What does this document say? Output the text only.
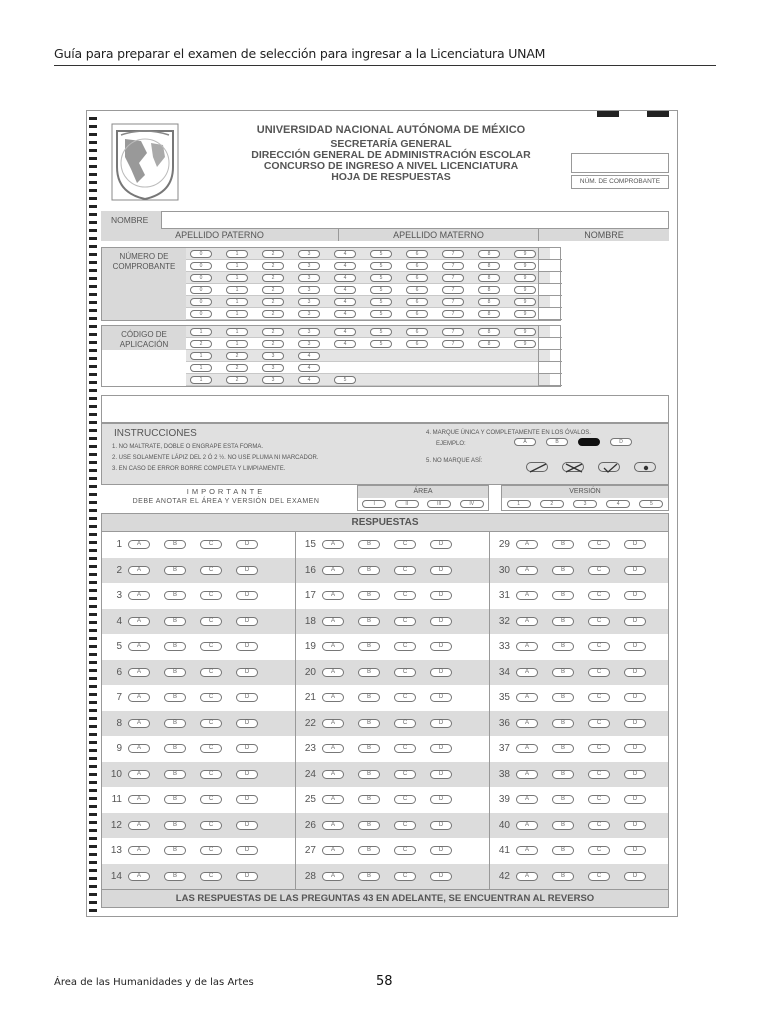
Guía para preparar el examen de selección para ingresar a la Licenciatura UNAM
UNIVERSIDAD NACIONAL AUTÓNOMA DE MÉXICO
SECRETARÍA GENERAL
DIRECCIÓN GENERAL DE ADMINISTRACIÓN ESCOLAR
CONCURSO DE INGRESO A NIVEL LICENCIATURA
HOJA DE RESPUESTAS	NÚM. DE COMPROBANTE
NOMBRE
APELLIDO PATERNO	APELLIDO MATERNO	NOMBRE
NÚMERO DE COMPROBANTE
0	1	2	3	4	5	6	7	8	9
0	1	2	3	4	5	6	7	8	9
0	1	2	3	4	5	6	7	8	9
0	1	2	3	4	5	6	7	8	9
0	1	2	3	4	5	6	7	8	9
0	1	2	3	4	5	6	7	8	9
CÓDIGO DE APLICACIÓN
1	1	2	3	4	5	6	7	8	9
2	1	2	3	4	5	6	7	8	9
1	2	3	4
1	2	3	4
1	2	3	4	5
INSTRUCCIONES
1. NO MALTRATE, DOBLE O ENGRAPE ESTA FORMA.
2. USE SOLAMENTE LÁPIZ DEL 2 Ó 2 ½. NO USE PLUMA NI MARCADOR.
3. EN CASO DE ERROR BORRE COMPLETA Y LIMPIAMENTE.
4. MARQUE ÚNICA Y COMPLETAMENTE EN LOS ÓVALOS.
EJEMPLO:
5. NO MARQUE ASÍ:
A	B	D
IMPORTANTE
DEBE ANOTAR EL ÁREA Y VERSIÓN DEL EXAMEN
ÁREA
I	II	III	IV
VERSIÓN
1	2	3	4	5
RESPUESTAS
1	A	B	C	D
2	A	B	C	D
3	A	B	C	D
4	A	B	C	D
5	A	B	C	D
6	A	B	C	D
7	A	B	C	D
8	A	B	C	D
9	A	B	C	D
10	A	B	C	D
11	A	B	C	D
12	A	B	C	D
13	A	B	C	D
14	A	B	C	D
15	A	B	C	D
16	A	B	C	D
17	A	B	C	D
18	A	B	C	D
19	A	B	C	D
20	A	B	C	D
21	A	B	C	D
22	A	B	C	D
23	A	B	C	D
24	A	B	C	D
25	A	B	C	D
26	A	B	C	D
27	A	B	C	D
28	A	B	C	D
29	A	B	C	D
30	A	B	C	D
31	A	B	C	D
32	A	B	C	D
33	A	B	C	D
34	A	B	C	D
35	A	B	C	D
36	A	B	C	D
37	A	B	C	D
38	A	B	C	D
39	A	B	C	D
40	A	B	C	D
41	A	B	C	D
42	A	B	C	D
LAS RESPUESTAS DE LAS PREGUNTAS 43 EN ADELANTE, SE ENCUENTRAN AL REVERSO
Área de las Humanidades y de las Artes	58
